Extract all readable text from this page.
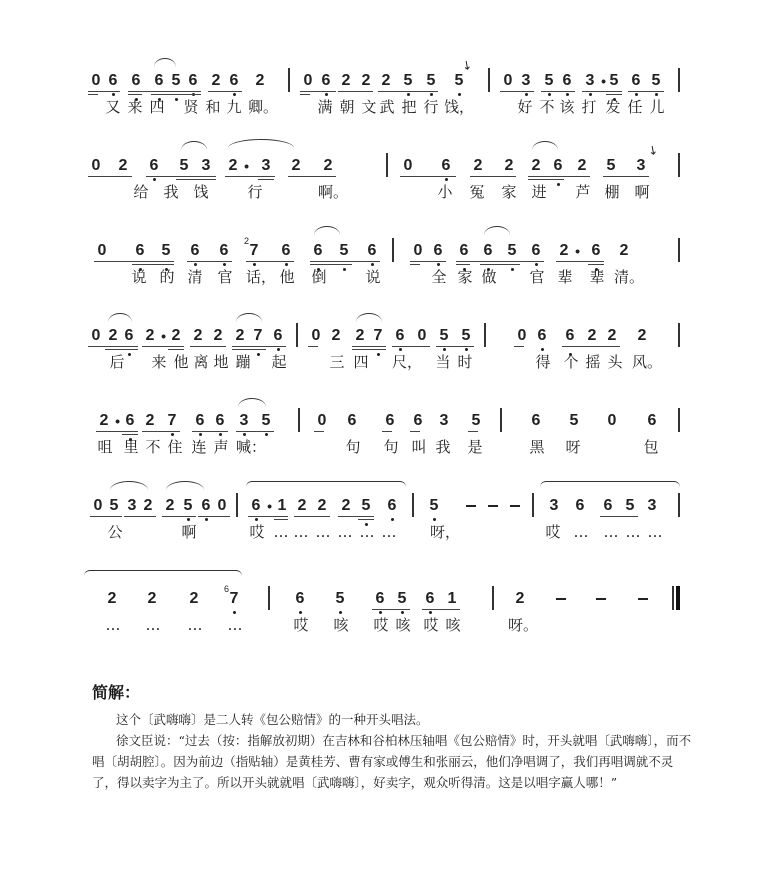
0 6 6 6 5 6 2 6 2 0 6 2 2 2 5 5 5
↘
0 3 5 6 3 • 5 6 5
又 来 四 贤 和 九 卿。	满 朝 文 武 把 行 饯，	好 不 该 打 发 任 儿
0 2 6 5 3 2 • 3 2 2	0 6 2 2 2 6 2 5 3
↘
给 我 饯	行	啊。	小 冤 家 进 芦 棚 啊
0 6 5 6 6
2
7 6 6 5 6 0 6 6 6 5 6 2 • 6 2
说 的 清 官 话， 他 倒	说	全 家 做 官 辈 辈 清。
0 2 6 2 • 2 2 2 2 7 6 0 2 2 7 6 0 5 5	0 6 6 2 2 2
后 来 他 离 地 蹦 起	三 四 尺， 当 时	得 个 摇 头 风。
2 • 6 2 7 6 6 3 5	0 6 6 6 3 5	6 5 0 6
咀 里 不 住 连 声 喊：	句 句 叫 我 是	黑 呀	包
0 5 3 2 2 5 6 0 6 • 1 2 2 2 5 6 5	3 6 6 5 3
公	啊	哎 … … … … … … 呀，	哎 … … … …
2 2 2
6
7	6 5 6 5 6 1	2
… … … …	哎 咳 哎 咳 哎 咳	呀。
简解：

这个〔武嗨嗨〕是二人转《包公赔情》的一种开头唱法。

徐文臣说：“过去（按：指解放初期）在吉林和谷柏林压轴唱《包公赔情》时，开头就唱〔武嗨嗨〕，而不唱〔胡胡腔〕。因为前边（指贴轴）是黄桂芳、曹有家或傅生和张丽云，他们净唱调了，我们再唱调就不灵了，得以卖字为主了。所以开头就就唱〔武嗨嗨〕，好卖字，观众听得清。这是以唱字赢人哪！”
